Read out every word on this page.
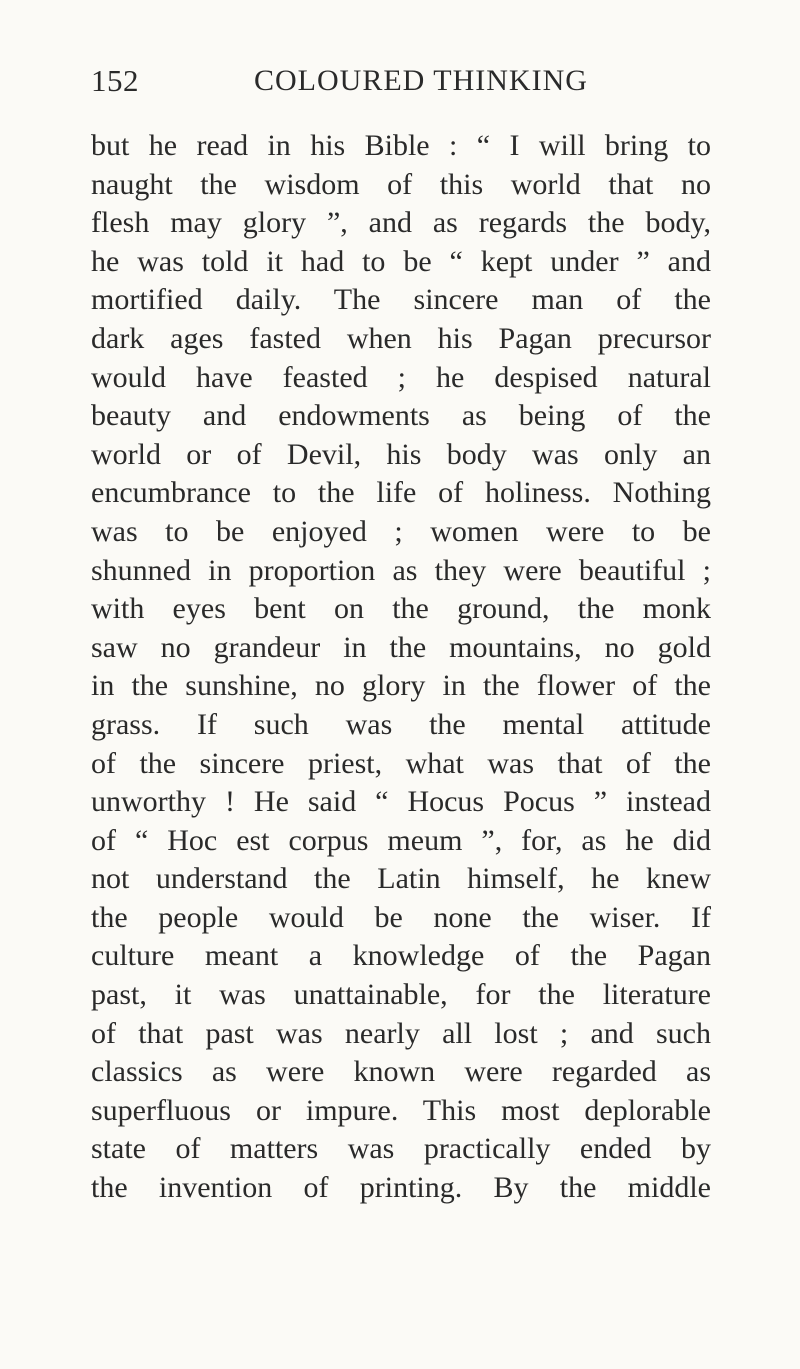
152	COLOURED THINKING
but he read in his Bible : “ I will bring to
naught the wisdom of this world that no
flesh may glory ”, and as regards the body,
he was told it had to be “ kept under ” and
mortified daily. The sincere man of the
dark ages fasted when his Pagan precursor
would have feasted ; he despised natural
beauty and endowments as being of the
world or of Devil, his body was only an
encumbrance to the life of holiness. Nothing
was to be enjoyed ; women were to be
shunned in proportion as they were beautiful ;
with eyes bent on the ground, the monk
saw no grandeur in the mountains, no gold
in the sunshine, no glory in the flower of the
grass. If such was the mental attitude
of the sincere priest, what was that of the
unworthy ! He said “ Hocus Pocus ” instead
of “ Hoc est corpus meum ”, for, as he did
not understand the Latin himself, he knew
the people would be none the wiser. If
culture meant a knowledge of the Pagan
past, it was unattainable, for the literature
of that past was nearly all lost ; and such
classics as were known were regarded as
superfluous or impure. This most deplorable
state of matters was practically ended by
the invention of printing. By the middle
